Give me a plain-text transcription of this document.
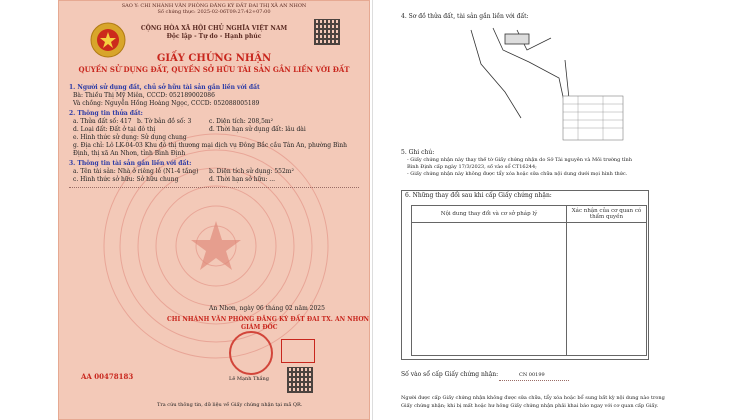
SAO Y: CHI NHÁNH VĂN PHÒNG ĐĂNG KÝ ĐẤT ĐAI THỊ XÃ AN NHƠN
Số chứng thực: 2025-02-06T09:27:42+07:00
CỘNG HÒA XÃ HỘI CHỦ NGHĨA VIỆT NAM
Độc lập - Tự do - Hạnh phúc
GIẤY CHỨNG NHẬN
QUYỀN SỬ DỤNG ĐẤT, QUYỀN SỞ HỮU TÀI SẢN GẮN LIỀN VỚI ĐẤT
1. Người sử dụng đất, chủ sở hữu tài sản gắn liền với đất
Bà: Thiều Thị Mỹ Miên, CCCD: 052189002086
Và chồng: Nguyễn Hồng Hoàng Ngọc, CCCD: 052088005189
2. Thông tin thửa đất:
a. Thửa đất số: 417 b. Tờ bản đồ số: 3	c. Diện tích: 208,5m²
d. Loại đất: Đất ở tại đô thị	đ. Thời hạn sử dụng đất: lâu dài
e. Hình thức sử dụng: Sử dụng chung
g. Địa chỉ: Lô LK-04-03 Khu đô thị thương mại dịch vụ Đông Bắc cầu Tân An, phường Bình
Định, thị xã An Nhơn, tỉnh Bình Định
3. Thông tin tài sản gắn liền với đất:
a. Tên tài sản: Nhà ở riêng lẻ (N1-4 tầng) b. Diện tích sử dụng: 552m²
c. Hình thức sở hữu: Sở hữu chung	d. Thời hạn sở hữu: ...
An Nhơn, ngày 06 tháng 02 năm 2025
CHI NHÁNH VĂN PHÒNG ĐĂNG KÝ ĐẤT ĐAI TX. AN NHƠN
GIÁM ĐỐC
AA 00478183	Lê Mạnh Thắng
Tra cứu thông tin, dữ liệu về Giấy chứng nhận tại mã QR.
4. Sơ đồ thửa đất, tài sản gắn liền với đất:
5. Ghi chú:
- Giấy chứng nhận này thay thế tờ Giấy chứng nhận do Sở Tài nguyên và Môi trường tỉnh
Bình Định cấp ngày 17/3/2023, số vào sổ CT16244;
- Giấy chứng nhận này không được tẩy xóa hoặc sửa chữa nội dung dưới mọi hình thức.
6. Những thay đổi sau khi cấp Giấy chứng nhận:
Nội dung thay đổi và cơ sở pháp lý	Xác nhận của cơ quan có thẩm quyền

Số vào sổ cấp Giấy chứng nhận:	CN 00199
Người được cấp Giấy chứng nhận không được sửa chữa, tẩy xóa hoặc bổ sung bất kỳ nội dung nào trong
Giấy chứng nhận; khi bị mất hoặc hư hỏng Giấy chứng nhận phải khai báo ngay với cơ quan cấp Giấy.
